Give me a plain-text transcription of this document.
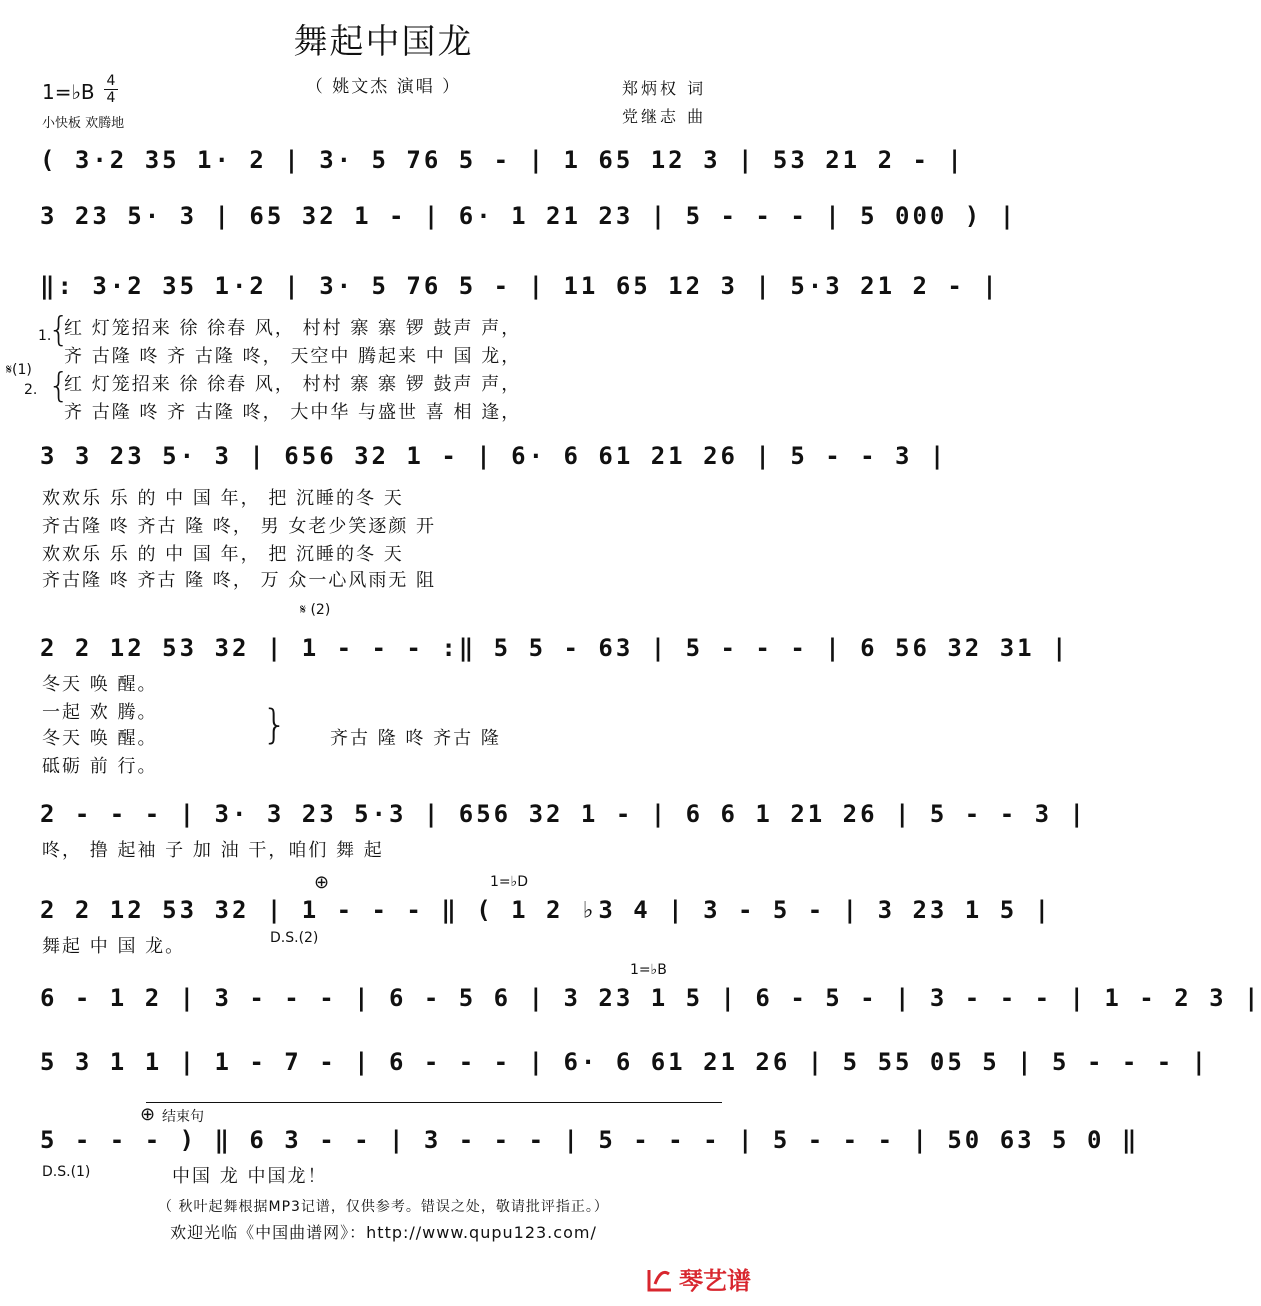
舞起中国龙
（ 姚文杰 演唱 ）
1=♭B 4
4
小快板 欢腾地
郑炳权 词
党继志 曲
( 3·2 35 1· 2 | 3· 5 76 5 - | 1 65 12 3 | 53 21 2 - |
3 23 5· 3 | 65 32 1 - | 6· 1 21 23 | 5 - - - | 5 000 ) |
‖: 3·2 35 1·2 | 3· 5 76 5 - | 11 65 12 3 | 5·3 21 2 - |
1.
{
𝄋(1)
2. {
红 灯笼招来 徐 徐春 风， 村村 寨 寨 锣 鼓声 声，
齐 古隆 咚 齐 古隆 咚， 天空中 腾起来 中 国 龙，
红 灯笼招来 徐 徐春 风， 村村 寨 寨 锣 鼓声 声，
齐 古隆 咚 齐 古隆 咚， 大中华 与盛世 喜 相 逢，
3 3 23 5· 3 | 656 32 1 - | 6· 6 61 21 26 | 5 - - 3 |
欢欢乐 乐 的 中 国 年， 把 沉睡的冬 天
齐古隆 咚 齐古 隆 咚， 男 女老少笑逐颜 开
欢欢乐 乐 的 中 国 年， 把 沉睡的冬 天
齐古隆 咚 齐古 隆 咚， 万 众一心风雨无 阻
𝄋 (2)
2 2 12 53 32 | 1 - - - :‖ 5 5 - 63 | 5 - - - | 6 56 32 31 |
冬天 唤 醒。
一起 欢 腾。
冬天 唤 醒。
砥砺 前 行。
} 齐古 隆 咚 齐古 隆
2 - - - | 3· 3 23 5·3 | 656 32 1 - | 6 6 1 21 26 | 5 - - 3 |
咚， 撸 起袖 子 加 油 干，咱们 舞 起
⊕	1=♭D
2 2 12 53 32 | 1 - - - ‖ ( 1 2 ♭3 4 | 3 - 5 - | 3 23 1 5 |
舞起 中 国 龙。	D.S.(2)
1=♭B
6 - 1 2 | 3 - - - | 6 - 5 6 | 3 23 1 5 | 6 - 5 - | 3 - - - | 1 - 2 3 |
5 3 1 1 | 1 - 7 - | 6 - - - | 6· 6 61 21 26 | 5 55 05 5 | 5 - - - |
⊕ 结束句
5 - - - ) ‖ 6 3 - - | 3 - - - | 5 - - - | 5 - - - | 50 63 5 0 ‖
D.S.(1)	中国 龙 中国龙！
（ 秋叶起舞根据MP3记谱，仅供参考。错误之处，敬请批评指正。）
欢迎光临《中国曲谱网》：http://www.qupu123.com/
琴艺谱
